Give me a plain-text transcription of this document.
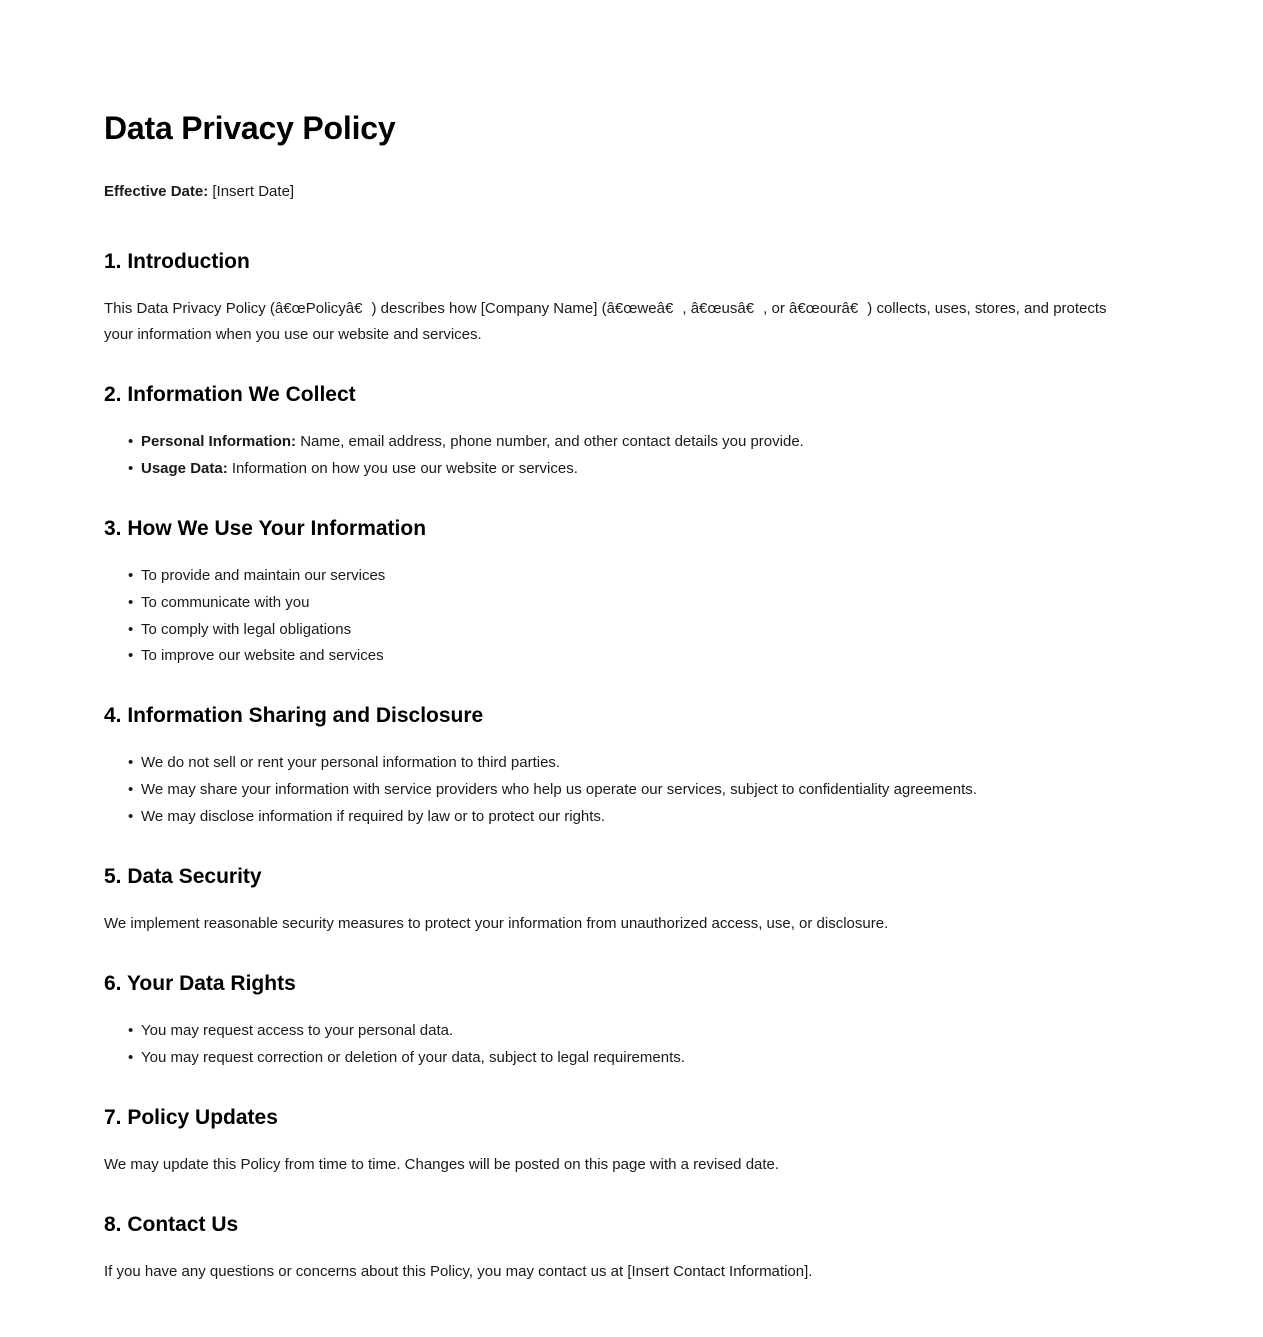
Data Privacy Policy

Effective Date: [Insert Date]

1. Introduction

This Data Privacy Policy (â€œPolicyâ€) describes how [Company Name] (â€œweâ€, â€œusâ€, or â€œourâ€) collects, uses, stores, and protects your information when you use our website and services.

2. Information We Collect
• Personal Information: Name, email address, phone number, and other contact details you provide.
• Usage Data: Information on how you use our website or services.
3. How We Use Your Information
• To provide and maintain our services
• To communicate with you
• To comply with legal obligations
• To improve our website and services
4. Information Sharing and Disclosure
• We do not sell or rent your personal information to third parties.
• We may share your information with service providers who help us operate our services, subject to confidentiality agreements.
• We may disclose information if required by law or to protect our rights.
5. Data Security

We implement reasonable security measures to protect your information from unauthorized access, use, or disclosure.

6. Your Data Rights
• You may request access to your personal data.
• You may request correction or deletion of your data, subject to legal requirements.
7. Policy Updates

We may update this Policy from time to time. Changes will be posted on this page with a revised date.

8. Contact Us

If you have any questions or concerns about this Policy, you may contact us at [Insert Contact Information].
